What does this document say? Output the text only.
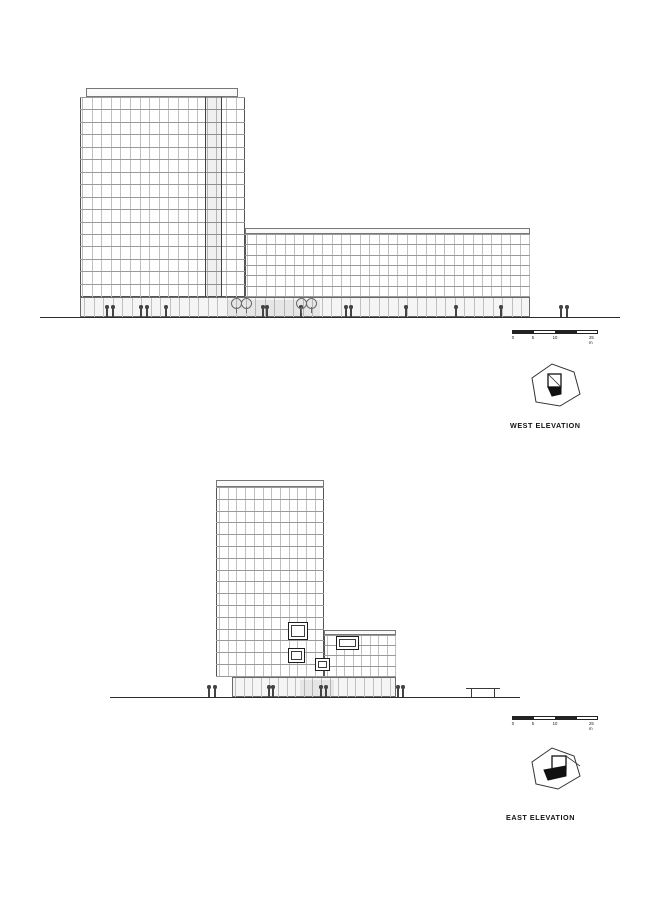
0	5	10	25 m
WEST ELEVATION
0	5	10	25 m
EAST ELEVATION
